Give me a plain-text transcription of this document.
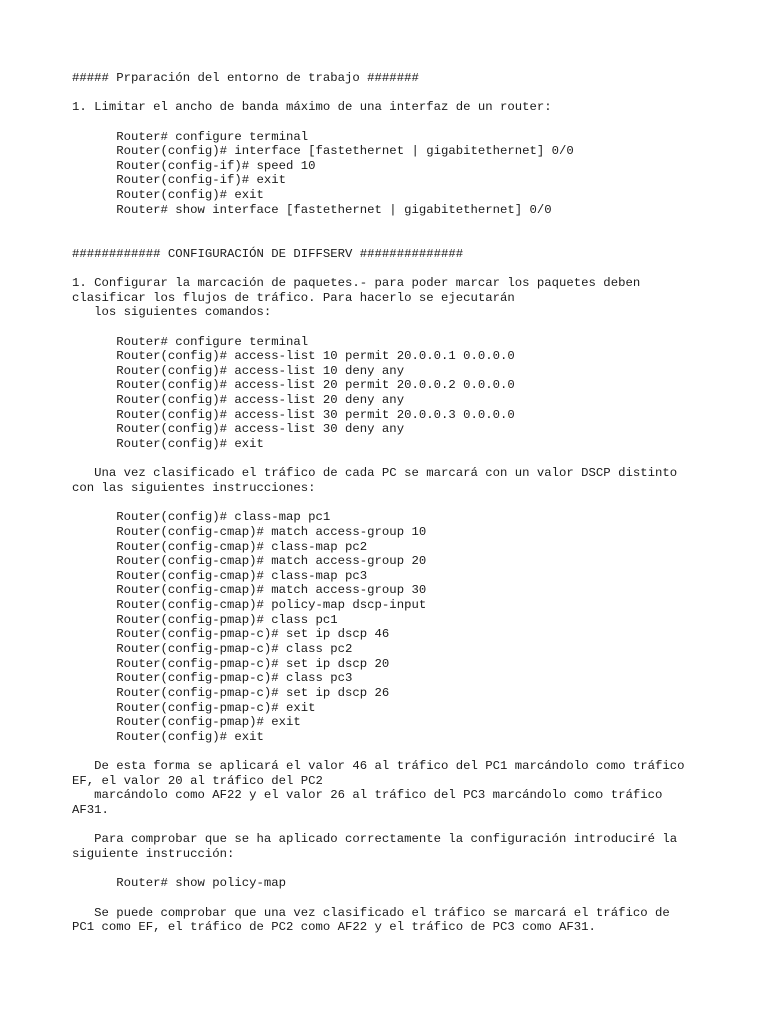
##### Prparación del entorno de trabajo #######
1. Limitar el ancho de banda máximo de una interfaz de un router:
Router# configure terminal
Router(config)# interface [fastethernet | gigabitethernet] 0/0
Router(config-if)# speed 10
Router(config-if)# exit
Router(config)# exit
Router# show interface [fastethernet | gigabitethernet] 0/0
############ CONFIGURACIÓN DE DIFFSERV ##############
1. Configurar la marcación de paquetes.- para poder marcar los paquetes deben
clasificar los flujos de tráfico. Para hacerlo se ejecutarán
los siguientes comandos:
Router# configure terminal
Router(config)# access-list 10 permit 20.0.0.1 0.0.0.0
Router(config)# access-list 10 deny any
Router(config)# access-list 20 permit 20.0.0.2 0.0.0.0
Router(config)# access-list 20 deny any
Router(config)# access-list 30 permit 20.0.0.3 0.0.0.0
Router(config)# access-list 30 deny any
Router(config)# exit
Una vez clasificado el tráfico de cada PC se marcará con un valor DSCP distinto
con las siguientes instrucciones:
Router(config)# class-map pc1
Router(config-cmap)# match access-group 10
Router(config-cmap)# class-map pc2
Router(config-cmap)# match access-group 20
Router(config-cmap)# class-map pc3
Router(config-cmap)# match access-group 30
Router(config-cmap)# policy-map dscp-input
Router(config-pmap)# class pc1
Router(config-pmap-c)# set ip dscp 46
Router(config-pmap-c)# class pc2
Router(config-pmap-c)# set ip dscp 20
Router(config-pmap-c)# class pc3
Router(config-pmap-c)# set ip dscp 26
Router(config-pmap-c)# exit
Router(config-pmap)# exit
Router(config)# exit
De esta forma se aplicará el valor 46 al tráfico del PC1 marcándolo como tráfico
EF, el valor 20 al tráfico del PC2
marcándolo como AF22 y el valor 26 al tráfico del PC3 marcándolo como tráfico
AF31.
Para comprobar que se ha aplicado correctamente la configuración introduciré la
siguiente instrucción:
Router# show policy-map
Se puede comprobar que una vez clasificado el tráfico se marcará el tráfico de
PC1 como EF, el tráfico de PC2 como AF22 y el tráfico de PC3 como AF31.
